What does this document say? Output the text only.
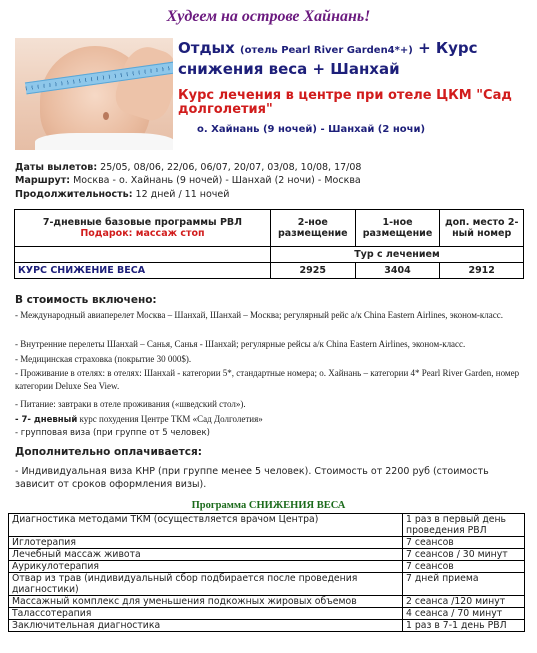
Худеем на острове Хайнань!
Отдых (отель Pearl River Garden4*+) + Курс снижения веса + Шанхай
Курс лечения в центре при отеле ЦКМ "Сад долголетия"
о. Хайнань (9 ночей) - Шанхай (2 ночи)
Даты вылетов: 25/05, 08/06, 22/06, 06/07, 20/07, 03/08, 10/08, 17/08
Маршрут: Москва - о. Хайнань (9 ночей) - Шанхай (2 ночи) - Москва
Продолжительность: 12 дней / 11 ночей
7-дневные базовые программы РВЛ
Подарок: массаж стоп	2-ное размещение	1-ное размещение	доп. место 2-ный номер
	Тур с лечением		
КУРС СНИЖЕНИЕ ВЕСА	2925	3404	2912
В стоимость включено:
- Международный авиаперелет Москва – Шанхай, Шанхай – Москва; регулярный рейс а/к China Eastern Airlines, эконом-класс.
- Внутренние перелеты Шанхай – Санья, Санья - Шанхай; регулярные рейсы а/к China Eastern Airlines, эконом-класс.
- Медицинская страховка (покрытие 30 000$).
- Проживание в отелях: в отелях: Шанхай - категории 5*, стандартные номера; о. Хайнань – категории 4* Pearl River Garden, номер категории Deluxe Sea View.
- Питание: завтраки в отеле проживания («шведский стол»).
- 7- дневный курс похудения Центре ТКМ «Сад Долголетия»
- групповая виза (при группе от 5 человек)
Дополнительно оплачивается:
- Индивидуальная виза КНР (при группе менее 5 человек). Стоимость от 2200 руб (стоимость зависит от сроков оформления визы).
Программа СНИЖЕНИЯ ВЕСА
Диагностика методами ТКМ (осуществляется врачом Центра)	1 раз в первый день проведения РВЛ
Иглотерапия	7 сеансов
Лечебный массаж живота	7 сеансов / 30 минут
Аурикулотерапия	7 сеансов
Отвар из трав (индивидуальный сбор подбирается после проведения диагностики)	7 дней приема
Массажный комплекс для уменьшения подкожных жировых объемов	2 сеанса /120 минут
Талассотерапия	4 сеанса / 70 минут
Заключительная диагностика	1 раз в 7-1 день РВЛ
